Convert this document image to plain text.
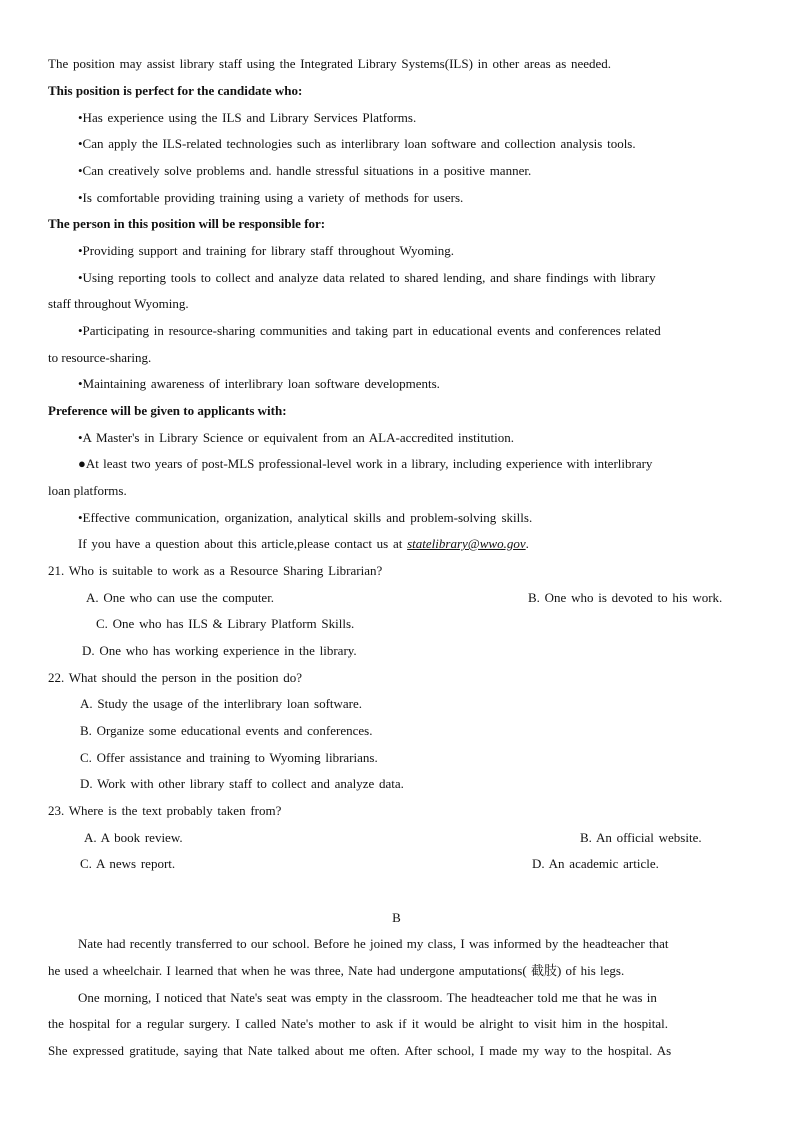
The position may assist library staff using the Integrated Library Systems(ILS) in other areas as needed.
This position is perfect for the candidate who:
•Has experience using the ILS and Library Services Platforms.
•Can apply the ILS-related technologies such as interlibrary loan software and collection analysis tools.
•Can creatively solve problems and. handle stressful situations in a positive manner.
•Is comfortable providing training using a variety of methods for users.
The person in this position will be responsible for:
•Providing support and training for library staff throughout Wyoming.
•Using reporting tools to collect and analyze data related to shared lending, and share findings with library
staff throughout Wyoming.
•Participating in resource-sharing communities and taking part in educational events and conferences related
to resource-sharing.
•Maintaining awareness of interlibrary loan software developments.
Preference will be given to applicants with:
•A Master's in Library Science or equivalent from an ALA-accredited institution.
●At least two years of post-MLS professional-level work in a library, including experience with interlibrary
loan platforms.
•Effective communication, organization, analytical skills and problem-solving skills.
If you have a question about this article,please contact us at statelibrary@wwo.gov.
21. Who is suitable to work as a Resource Sharing Librarian?
A. One who can use the computer.	B. One who is devoted to his work.
C. One who has ILS & Library Platform Skills.
D. One who has working experience in the library.
22. What should the person in the position do?
A. Study the usage of the interlibrary loan software.
B. Organize some educational events and conferences.
C. Offer assistance and training to Wyoming librarians.
D. Work with other library staff to collect and analyze data.
23. Where is the text probably taken from?
A. A book review.	B. An official website.
C. A news report.	D. An academic article.
B
Nate had recently transferred to our school. Before he joined my class, I was informed by the headteacher that
he used a wheelchair. I learned that when he was three, Nate had undergone amputations( 截肢) of his legs.
One morning, I noticed that Nate's seat was empty in the classroom. The headteacher told me that he was in
the hospital for a regular surgery. I called Nate's mother to ask if it would be alright to visit him in the hospital.
She expressed gratitude, saying that Nate talked about me often. After school, I made my way to the hospital. As
